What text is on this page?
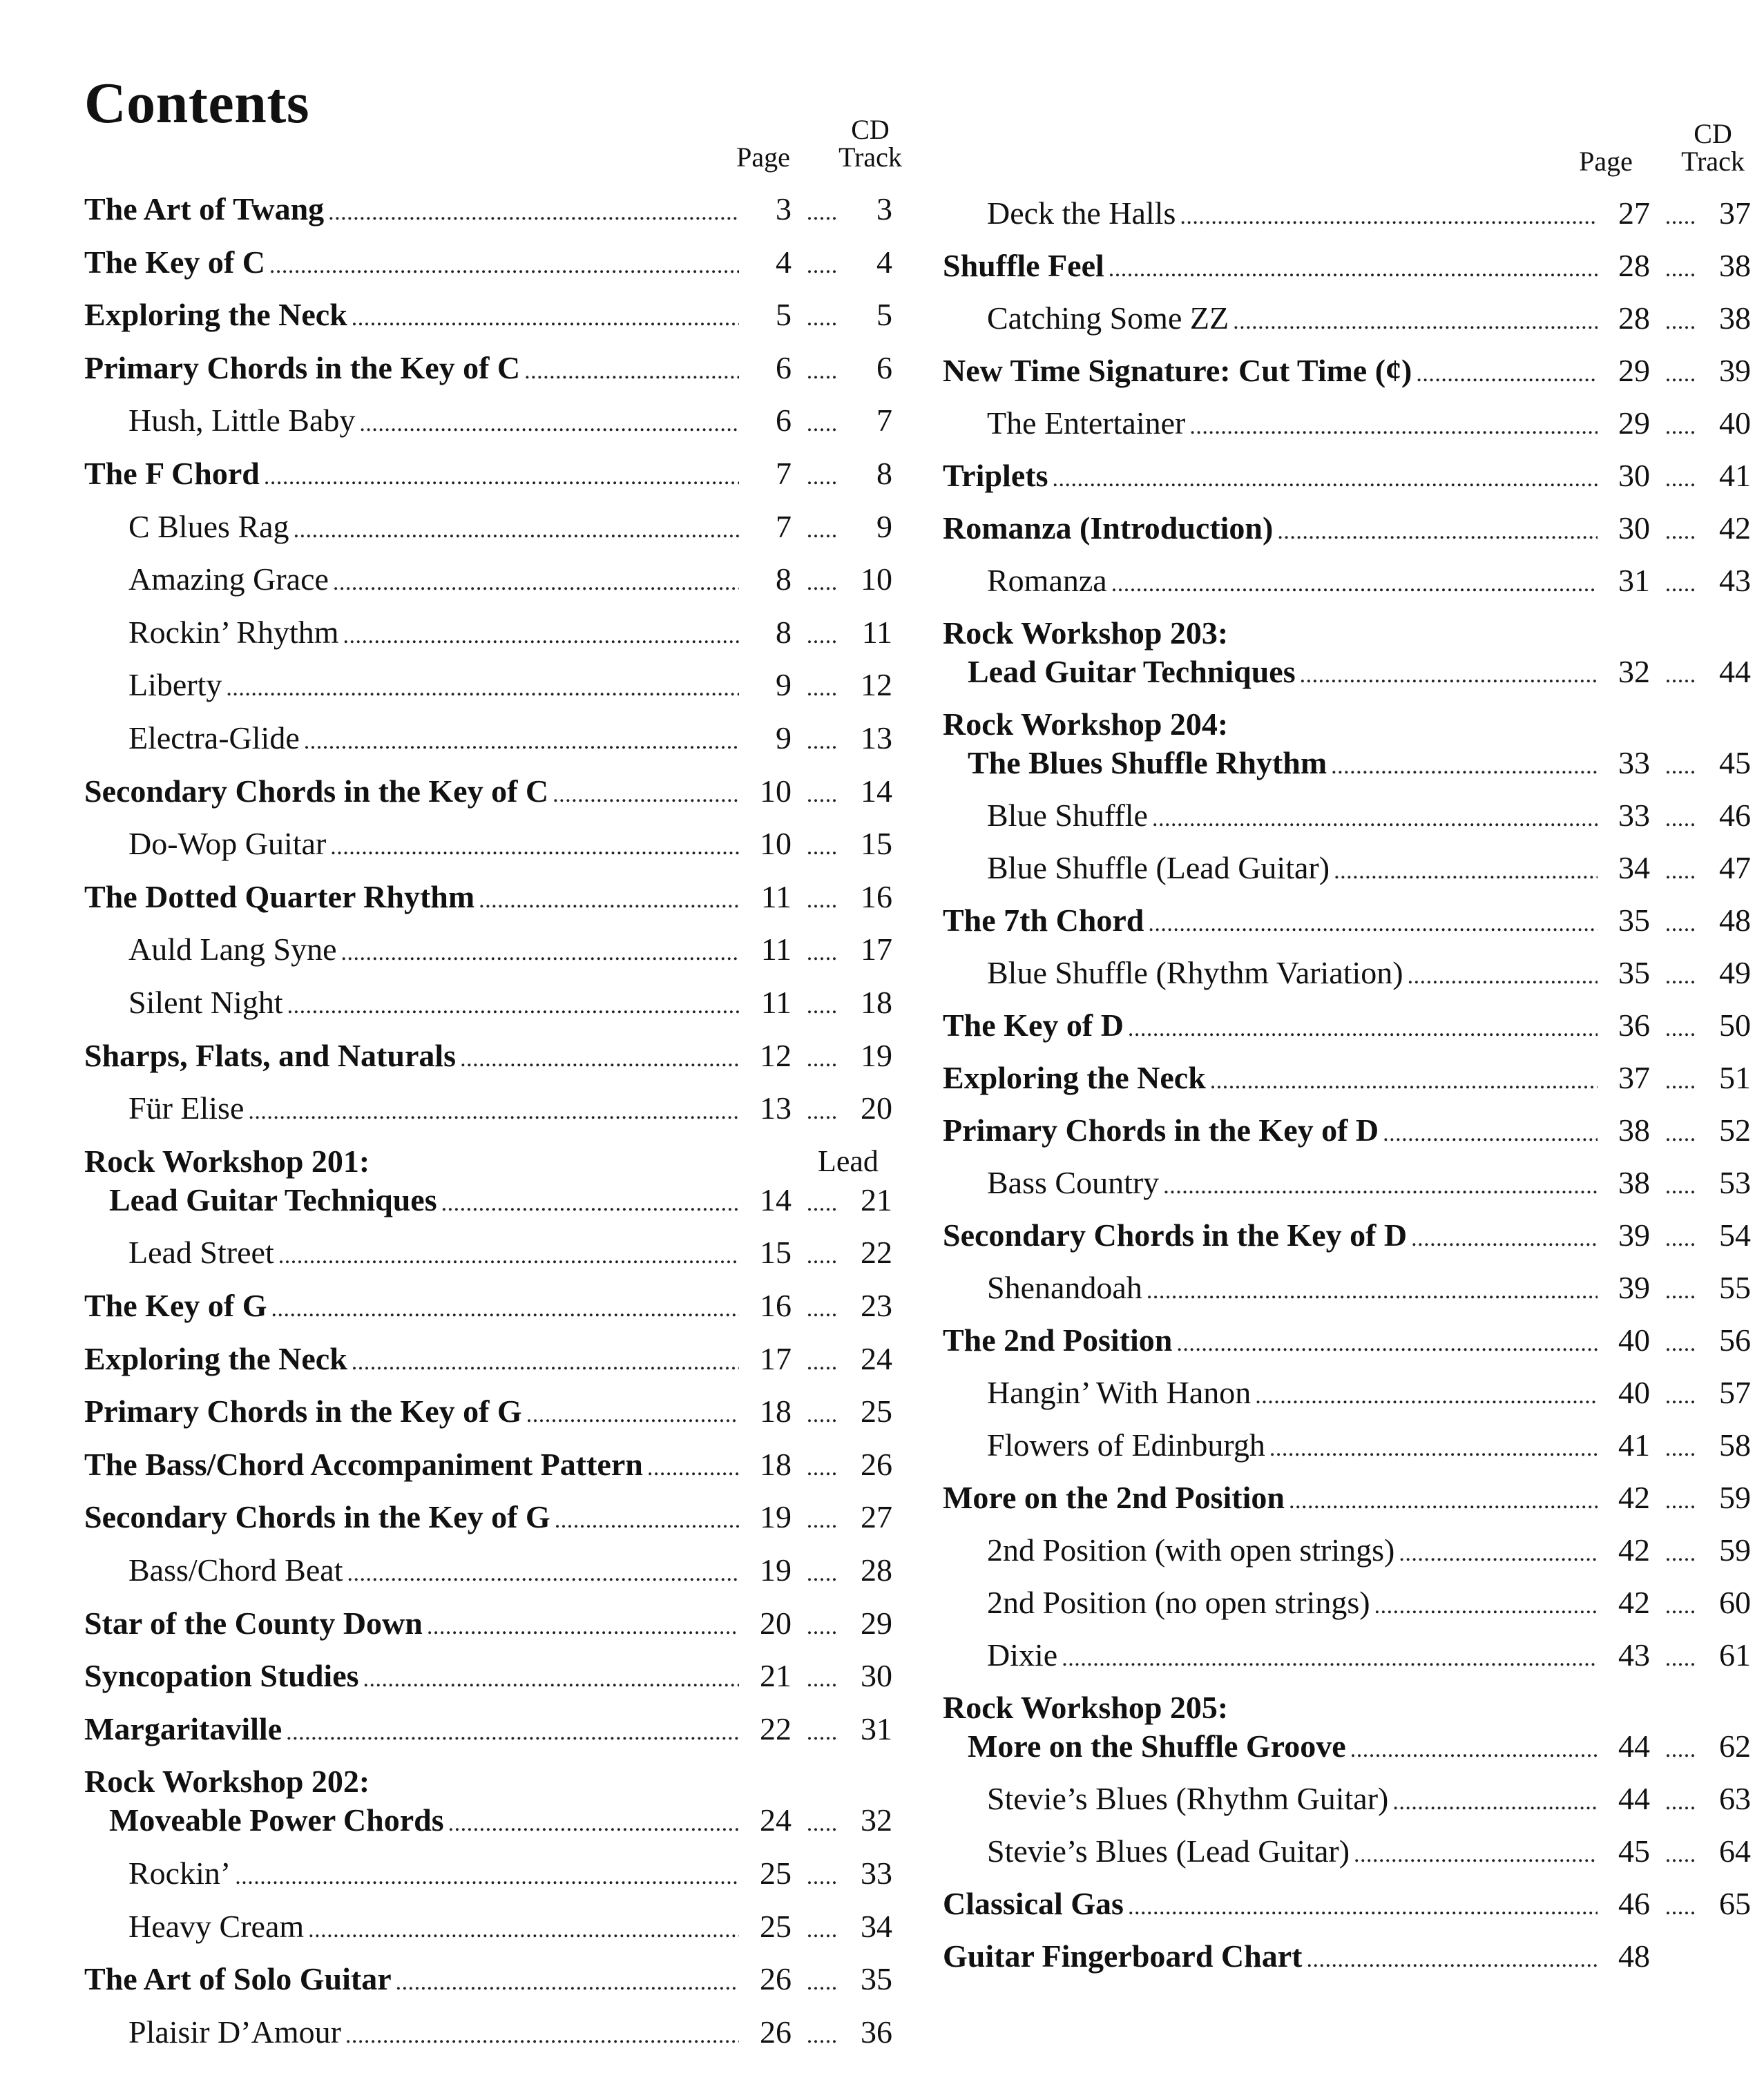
Contents
Page
CD
Track	Page
CD
Track
The Art of Twang . . .	3 . . .	3
The Key of C . . .	4 . . .	4
Exploring the Neck . . .	5 . . .	5
Primary Chords in the Key of C . . .	6 . . .	6
Hush, Little Baby . . .	6 . . .	7
The F Chord . . .	7 . . .	8
C Blues Rag . . .	7 . . .	9
Amazing Grace . . .	8 . . .	10
Rockin’ Rhythm . . .	8 . . .	11
Liberty . . .	9 . . .	12
Electra-Glide . . .	9 . . .	13
Secondary Chords in the Key of C . . .	10 . . .	14
Do-Wop Guitar . . .	10 . . .	15
The Dotted Quarter Rhythm . . .	11 . . .	16
Auld Lang Syne . . .	11 . . .	17
Silent Night . . .	11 . . .	18
Sharps, Flats, and Naturals . . .	12 . . .	19
Für Elise . . .	13 . . .	20
Rock Workshop 201:	Lead
Lead Guitar Techniques . . .	14 . . .	21
Lead Street . . .	15 . . .	22
The Key of G . . .	16 . . .	23
Exploring the Neck . . .	17 . . .	24
Primary Chords in the Key of G . . .	18 . . .	25
The Bass/Chord Accompaniment Pattern . . .	18 . . .	26
Secondary Chords in the Key of G . . .	19 . . .	27
Bass/Chord Beat . . .	19 . . .	28
Star of the County Down . . .	20 . . .	29
Syncopation Studies . . .	21 . . .	30
Margaritaville . . .	22 . . .	31
Rock Workshop 202:
Moveable Power Chords . . .	24 . . .	32
Rockin’ . . .	25 . . .	33
Heavy Cream . . .	25 . . .	34
The Art of Solo Guitar . . .	26 . . .	35
Plaisir D’Amour . . .	26 . . .	36
Deck the Halls . . .	27 . . .	37
Shuffle Feel . . .	28 . . .	38
Catching Some ZZ . . .	28 . . .	38
New Time Signature: Cut Time (¢) . . .	29 . . .	39
The Entertainer . . .	29 . . .	40
Triplets . . .	30 . . .	41
Romanza (Introduction) . . .	30 . . .	42
Romanza . . .	31 . . .	43
Rock Workshop 203:
Lead Guitar Techniques . . .	32 . . .	44
Rock Workshop 204:
The Blues Shuffle Rhythm . . .	33 . . .	45
Blue Shuffle . . .	33 . . .	46
Blue Shuffle (Lead Guitar) . . .	34 . . .	47
The 7th Chord . . .	35 . . .	48
Blue Shuffle (Rhythm Variation) . . .	35 . . .	49
The Key of D . . .	36 . . .	50
Exploring the Neck . . .	37 . . .	51
Primary Chords in the Key of D . . .	38 . . .	52
Bass Country . . .	38 . . .	53
Secondary Chords in the Key of D . . .	39 . . .	54
Shenandoah . . .	39 . . .	55
The 2nd Position . . .	40 . . .	56
Hangin’ With Hanon . . .	40 . . .	57
Flowers of Edinburgh . . .	41 . . .	58
More on the 2nd Position . . .	42 . . .	59
2nd Position (with open strings) . . .	42 . . .	59
2nd Position (no open strings) . . .	42 . . .	60
Dixie . . .	43 . . .	61
Rock Workshop 205:
More on the Shuffle Groove . . .	44 . . .	62
Stevie’s Blues (Rhythm Guitar) . . .	44 . . .	63
Stevie’s Blues (Lead Guitar) . . .	45 . . .	64
Classical Gas . . .	46 . . .	65
Guitar Fingerboard Chart . . .	48
